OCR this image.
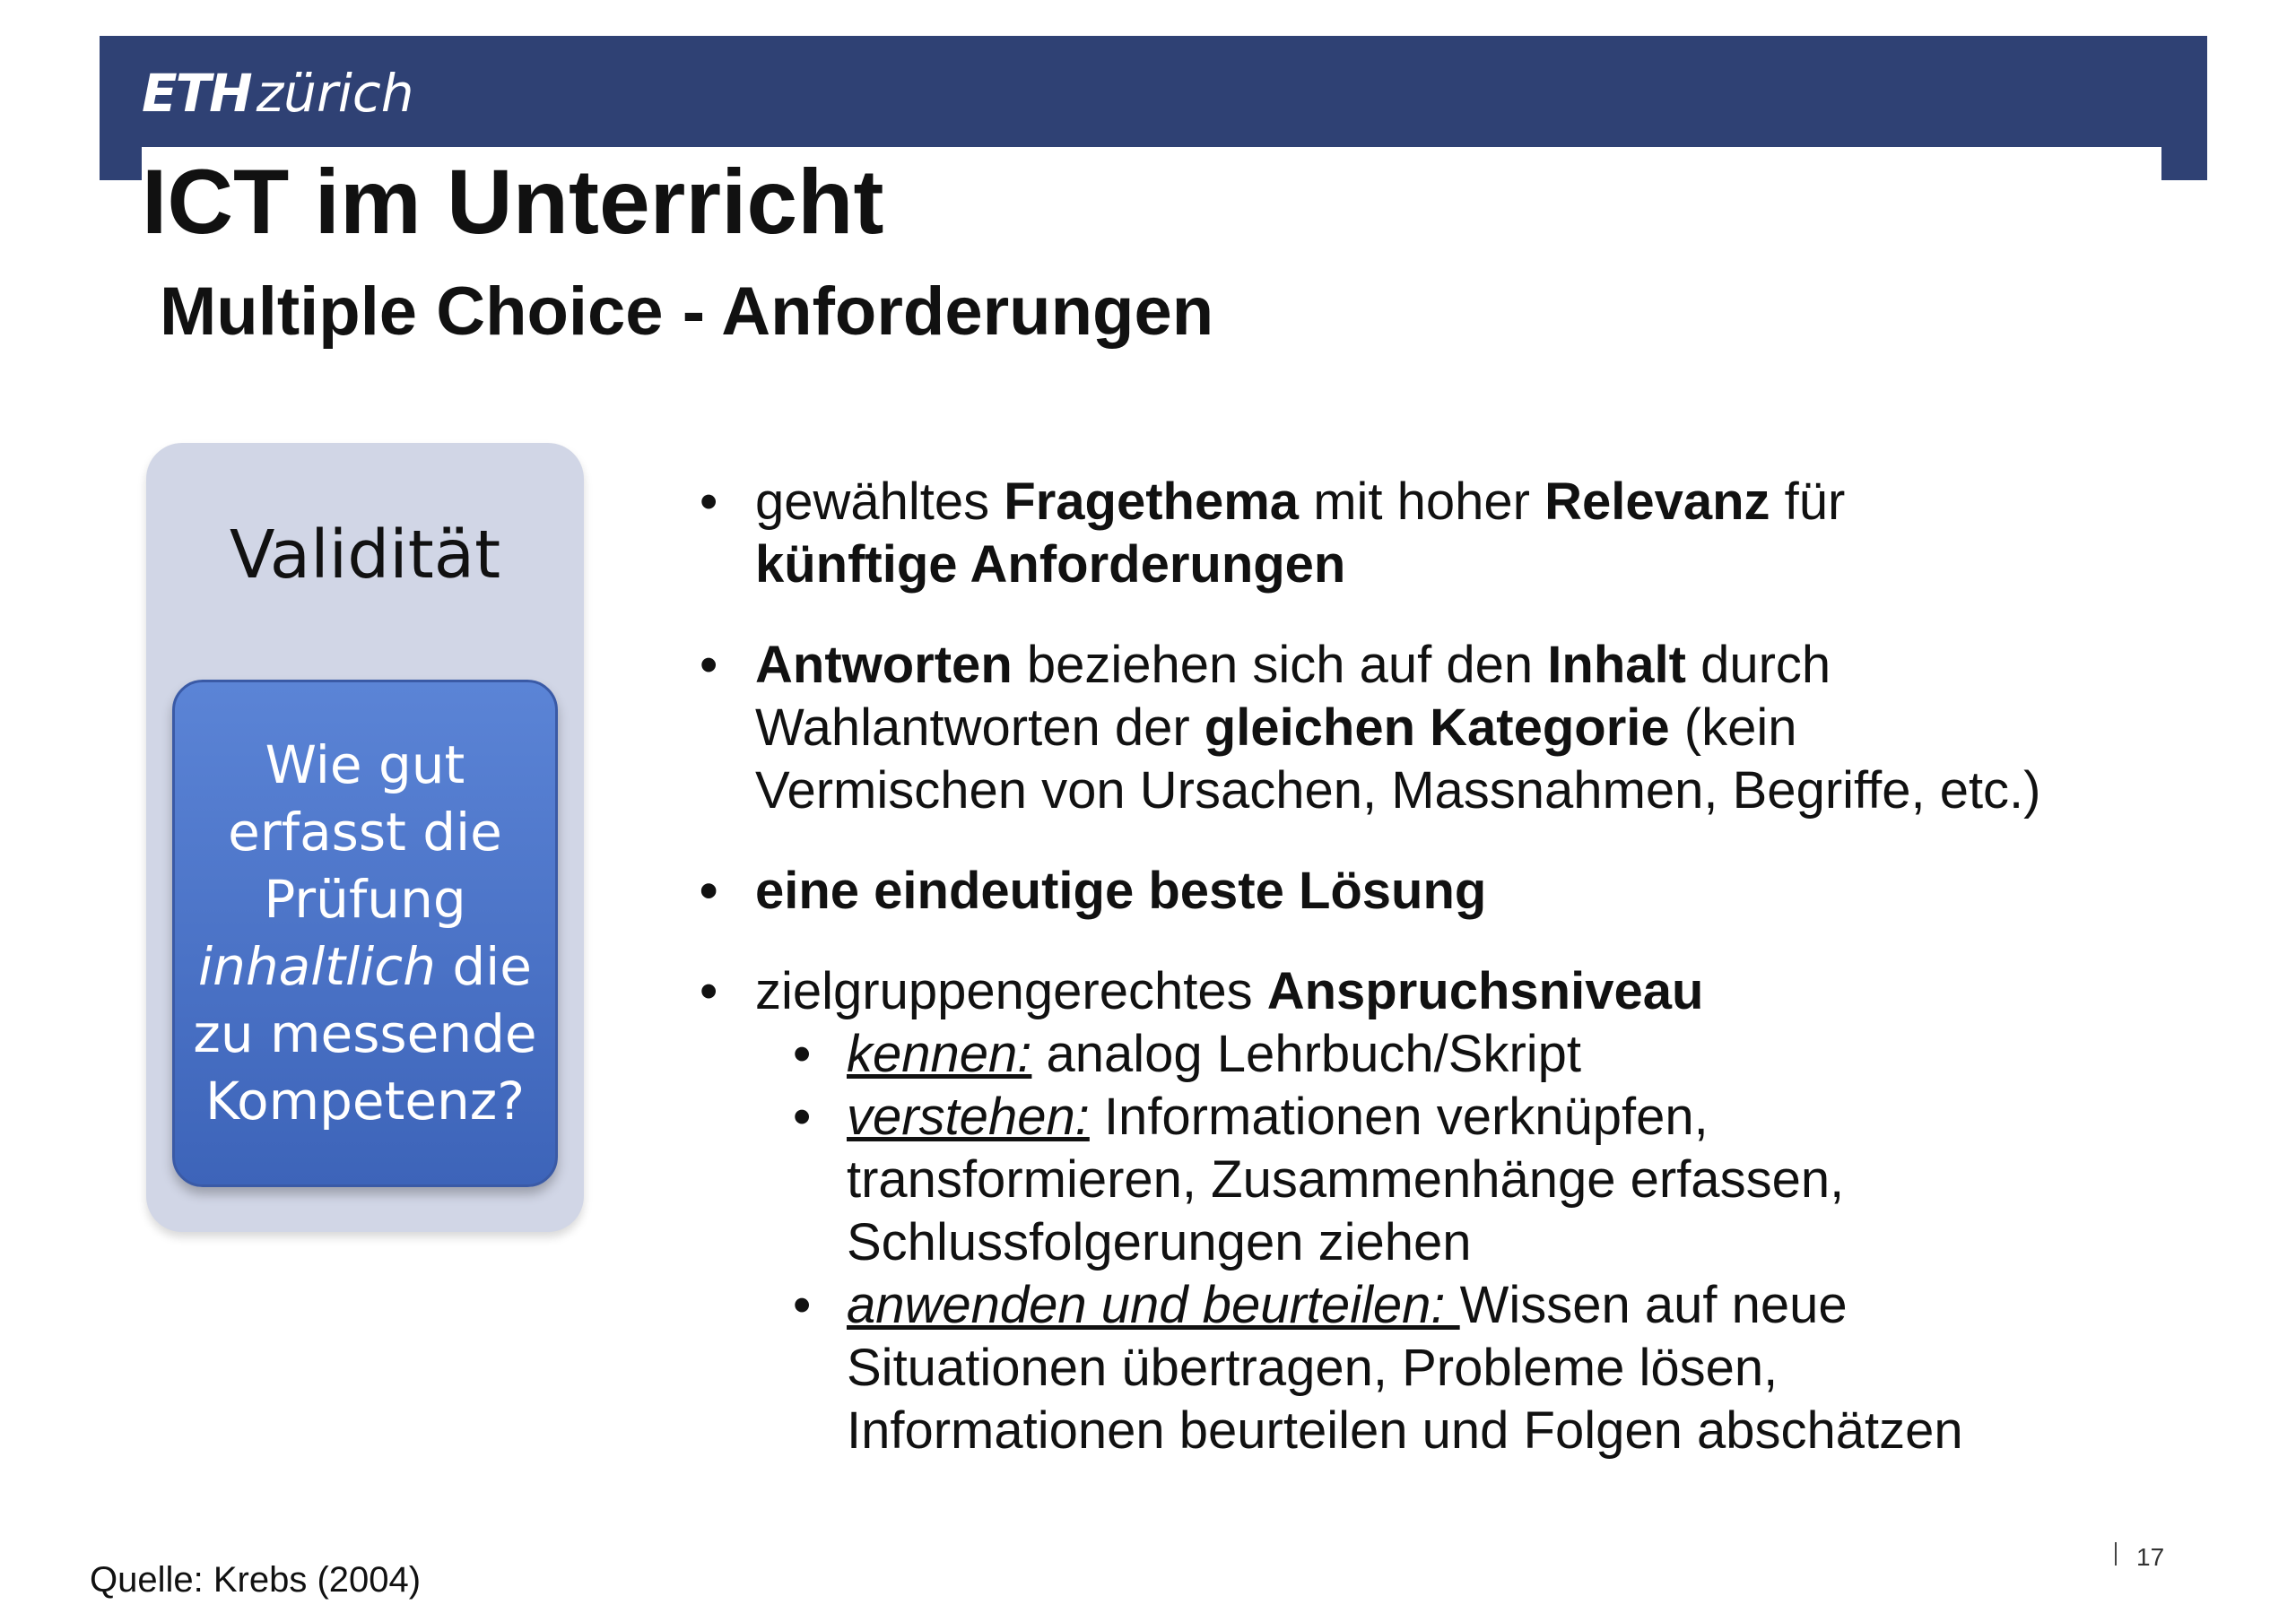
ETH zürich
ICT im Unterricht
Multiple Choice - Anforderungen
Validität
Wie gut
erfasst die
Prüfung
inhaltlich die
zu messende
Kompetenz?
• gewähltes Fragethema mit hoher Relevanz für
künftige Anforderungen
• Antworten beziehen sich auf den Inhalt durch
Wahlantworten der gleichen Kategorie (kein
Vermischen von Ursachen, Massnahmen, Begriffe, etc.)
• eine eindeutige beste Lösung
• zielgruppengerechtes Anspruchsniveau
• kennen: analog Lehrbuch/Skript
• verstehen: Informationen verknüpfen,
transformieren, Zusammenhänge erfassen,
Schlussfolgerungen ziehen
• anwenden und beurteilen: Wissen auf neue
Situationen übertragen, Probleme lösen,
Informationen beurteilen und Folgen abschätzen
Quelle: Krebs (2004)
17
